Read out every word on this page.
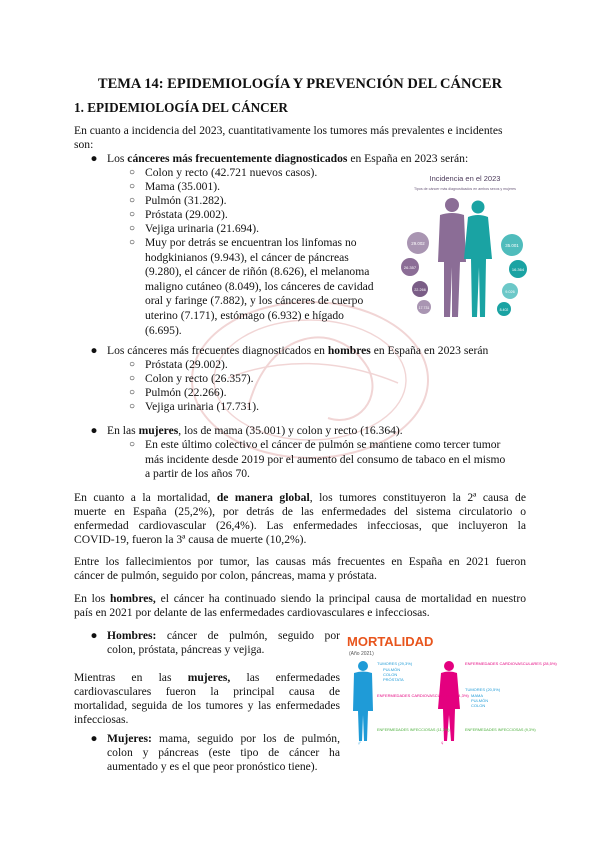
TEMA 14: EPIDEMIOLOGÍA Y PREVENCIÓN DEL CÁNCER
1. EPIDEMIOLOGÍA DEL CÁNCER
En cuanto a incidencia del 2023, cuantitativamente los tumores más prevalentes e incidentes
son:
● Los cánceres más frecuentemente diagnosticados en España en 2023 serán:
○ Colon y recto (42.721 nuevos casos).
○ Mama (35.001).
○ Pulmón (31.282).
○ Próstata (29.002).
○ Vejiga urinaria (21.694).
○ Muy por detrás se encuentran los linfomas no
hodgkinianos (9.943), el cáncer de páncreas
(9.280), el cáncer de riñón (8.626), el melanoma
maligno cutáneo (8.049), los cánceres de cavidad
oral y faringe (7.882), y los cánceres de cuerpo
uterino (7.171), estómago (6.932) e hígado
(6.695).
Incidencia en el 2023
Tipos de cáncer más diagnosticados en ambos sexos y mujeres
29.002
26.357
22.266
17.731
35.001
16.364
9.026
8.402
● Los cánceres más frecuentes diagnosticados en hombres en España en 2023 serán
○ Próstata (29.002).
○ Colon y recto (26.357).
○ Pulmón (22.266).
○ Vejiga urinaria (17.731).
● En las mujeres, los de mama (35.001) y colon y recto (16.364).
○ En este último colectivo el cáncer de pulmón se mantiene como tercer tumor
más incidente desde 2019 por el aumento del consumo de tabaco en el mismo
a partir de los años 70.
En cuanto a la mortalidad, de manera global, los tumores constituyeron la 2ª causa de
muerte en España (25,2%), por detrás de las enfermedades del sistema circulatorio o
enfermedad cardiovascular (26,4%). Las enfermedades infecciosas, que incluyeron la
COVID-19, fueron la 3ª causa de muerte (10,2%).
Entre los fallecimientos por tumor, las causas más frecuentes en España en 2021 fueron
cáncer de pulmón, seguido por colon, páncreas, mama y próstata.
En los hombres, el cáncer ha continuado siendo la principal causa de mortalidad en nuestro
país en 2021 por delante de las enfermedades cardiovasculares e infecciosas.
● Hombres: cáncer de pulmón, seguido por
colon, próstata, páncreas y vejiga.
Mientras en las mujeres, las enfermedades
cardiovasculares fueron la principal causa de
mortalidad, seguida de los tumores y las enfermedades
infecciosas.
● Mujeres: mama, seguido por los de pulmón,
colon y páncreas (este tipo de cáncer ha
aumentado y es el que peor pronóstico tiene).
MORTALIDAD
(Año 2021)
♂	♀
TUMORES (29,3%)
PULMÓN
COLON
PRÓSTATA
ENFERMEDADES CARDIOVASCULARES (24,3%)
ENFERMEDADES INFECCIOSAS (11,1%)
ENFERMEDADES CARDIOVASCULARES (28,5%)
TUMORES (20,5%)
MAMA
PULMÓN
COLON
ENFERMEDADES INFECCIOSAS (9,3%)
